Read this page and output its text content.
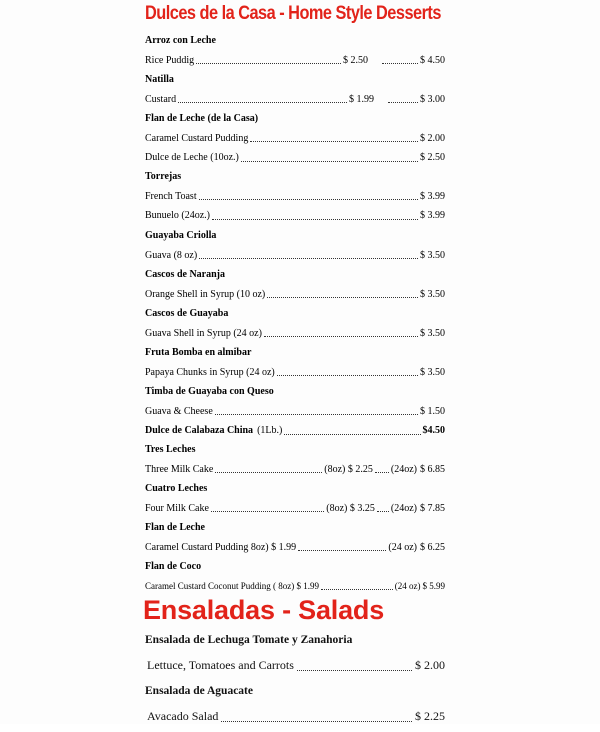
Dulces de la Casa - Home Style Desserts
Arroz con Leche
Rice Puddig	$ 2.50	$ 4.50
Natilla
Custard	$ 1.99	$ 3.00
Flan de Leche (de la Casa)
Caramel Custard Pudding	$ 2.00
Dulce de Leche (10oz.)	$ 2.50
Torrejas
French Toast	$ 3.99
Bunuelo (24oz.)	$ 3.99
Guayaba Criolla
Guava (8 oz)	$ 3.50
Cascos de Naranja
Orange Shell in Syrup (10 oz)	$ 3.50
Cascos de Guayaba
Guava Shell in Syrup (24 oz)	$ 3.50
Fruta Bomba en almibar
Papaya Chunks in Syrup (24 oz)	$ 3.50
Timba de Guayaba con Queso
Guava & Cheese	$ 1.50
Dulce de Calabaza China (1Lb.)	$4.50
Tres Leches
Three Milk Cake	(8oz) $ 2.25 (24oz) $ 6.85
Cuatro Leches
Four Milk Cake	(8oz) $ 3.25 (24oz) $ 7.85
Flan de Leche
Caramel Custard Pudding 8oz) $ 1.99	(24 oz) $ 6.25
Flan de Coco
Caramel Custard Coconut Pudding ( 8oz) $ 1.99	(24 oz) $ 5.99
Ensaladas - Salads
Ensalada de Lechuga Tomate y Zanahoria
Lettuce, Tomatoes and Carrots	$ 2.00
Ensalada de Aguacate
Avacado Salad	$ 2.25
